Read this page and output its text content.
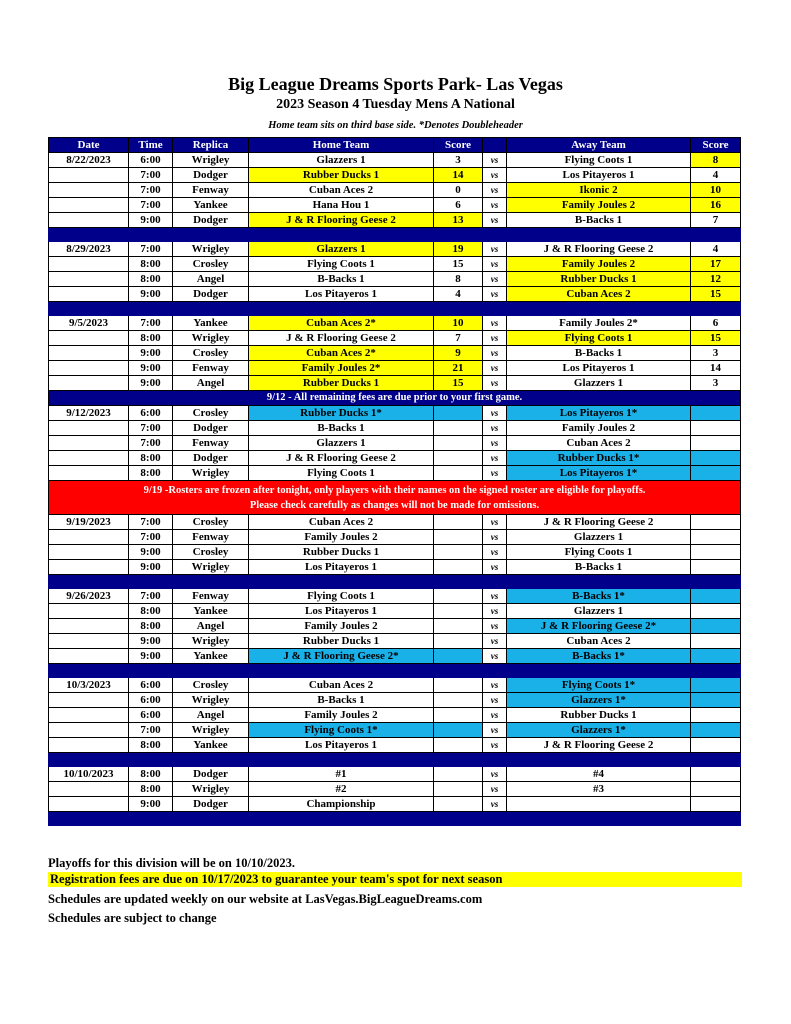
Big League Dreams Sports Park- Las Vegas
2023 Season 4 Tuesday Mens A National
Home team sits on third base side. *Denotes Doubleheader
Date	Time	Replica	Home Team	Score		Away Team	Score
8/22/2023	6:00	Wrigley	Glazzers 1	3	vs	Flying Coots 1	8
	7:00	Dodger	Rubber Ducks 1	14	vs	Los Pitayeros 1	4
	7:00	Fenway	Cuban Aces 2	0	vs	Ikonic 2	10
	7:00	Yankee	Hana Hou 1	6	vs	Family Joules 2	16
	9:00	Dodger	J & R Flooring Geese 2	13	vs	B-Backs 1	7

8/29/2023	7:00	Wrigley	Glazzers 1	19	vs	J & R Flooring Geese 2	4
	8:00	Crosley	Flying Coots 1	15	vs	Family Joules 2	17
	8:00	Angel	B-Backs 1	8	vs	Rubber Ducks 1	12
	9:00	Dodger	Los Pitayeros 1	4	vs	Cuban Aces 2	15

9/5/2023	7:00	Yankee	Cuban Aces 2*	10	vs	Family Joules 2*	6
	8:00	Wrigley	J & R Flooring Geese 2	7	vs	Flying Coots 1	15
	9:00	Crosley	Cuban Aces 2*	9	vs	B-Backs 1	3
	9:00	Fenway	Family Joules 2*	21	vs	Los Pitayeros 1	14
	9:00	Angel	Rubber Ducks 1	15	vs	Glazzers 1	3
9/12 - All remaining fees are due prior to your first game.							
9/12/2023	6:00	Crosley	Rubber Ducks 1*		vs	Los Pitayeros 1*	
	7:00	Dodger	B-Backs 1		vs	Family Joules 2	
	7:00	Fenway	Glazzers 1		vs	Cuban Aces 2	
	8:00	Dodger	J & R Flooring Geese 2		vs	Rubber Ducks 1*	
	8:00	Wrigley	Flying Coots 1		vs	Los Pitayeros 1*	

9/19 -Rosters are frozen after tonight, only players with their names on the signed roster are eligible for playoffs.
Please check carefully as changes will not be made for omissions.							

9/19/2023	7:00	Crosley	Cuban Aces 2		vs	J & R Flooring Geese 2	
	7:00	Fenway	Family Joules 2		vs	Glazzers 1	
	9:00	Crosley	Rubber Ducks 1		vs	Flying Coots 1	
	9:00	Wrigley	Los Pitayeros 1		vs	B-Backs 1	

9/26/2023	7:00	Fenway	Flying Coots 1		vs	B-Backs 1*	
	8:00	Yankee	Los Pitayeros 1		vs	Glazzers 1	
	8:00	Angel	Family Joules 2		vs	J & R Flooring Geese 2*	
	9:00	Wrigley	Rubber Ducks 1		vs	Cuban Aces 2	
	9:00	Yankee	J & R Flooring Geese 2*		vs	B-Backs 1*	

10/3/2023	6:00	Crosley	Cuban Aces 2		vs	Flying Coots 1*	
	6:00	Wrigley	B-Backs 1		vs	Glazzers 1*	
	6:00	Angel	Family Joules 2		vs	Rubber Ducks 1	
	7:00	Wrigley	Flying Coots 1*		vs	Glazzers 1*	
	8:00	Yankee	Los Pitayeros 1		vs	J & R Flooring Geese 2	

10/10/2023	8:00	Dodger	#1		vs	#4	
	8:00	Wrigley	#2		vs	#3	
	9:00	Dodger	Championship		vs		

Playoffs for this division will be on 10/10/2023.
Registration fees are due on 10/17/2023 to guarantee your team's spot for next season
Schedules are updated weekly on our website at LasVegas.BigLeagueDreams.com
Schedules are subject to change
